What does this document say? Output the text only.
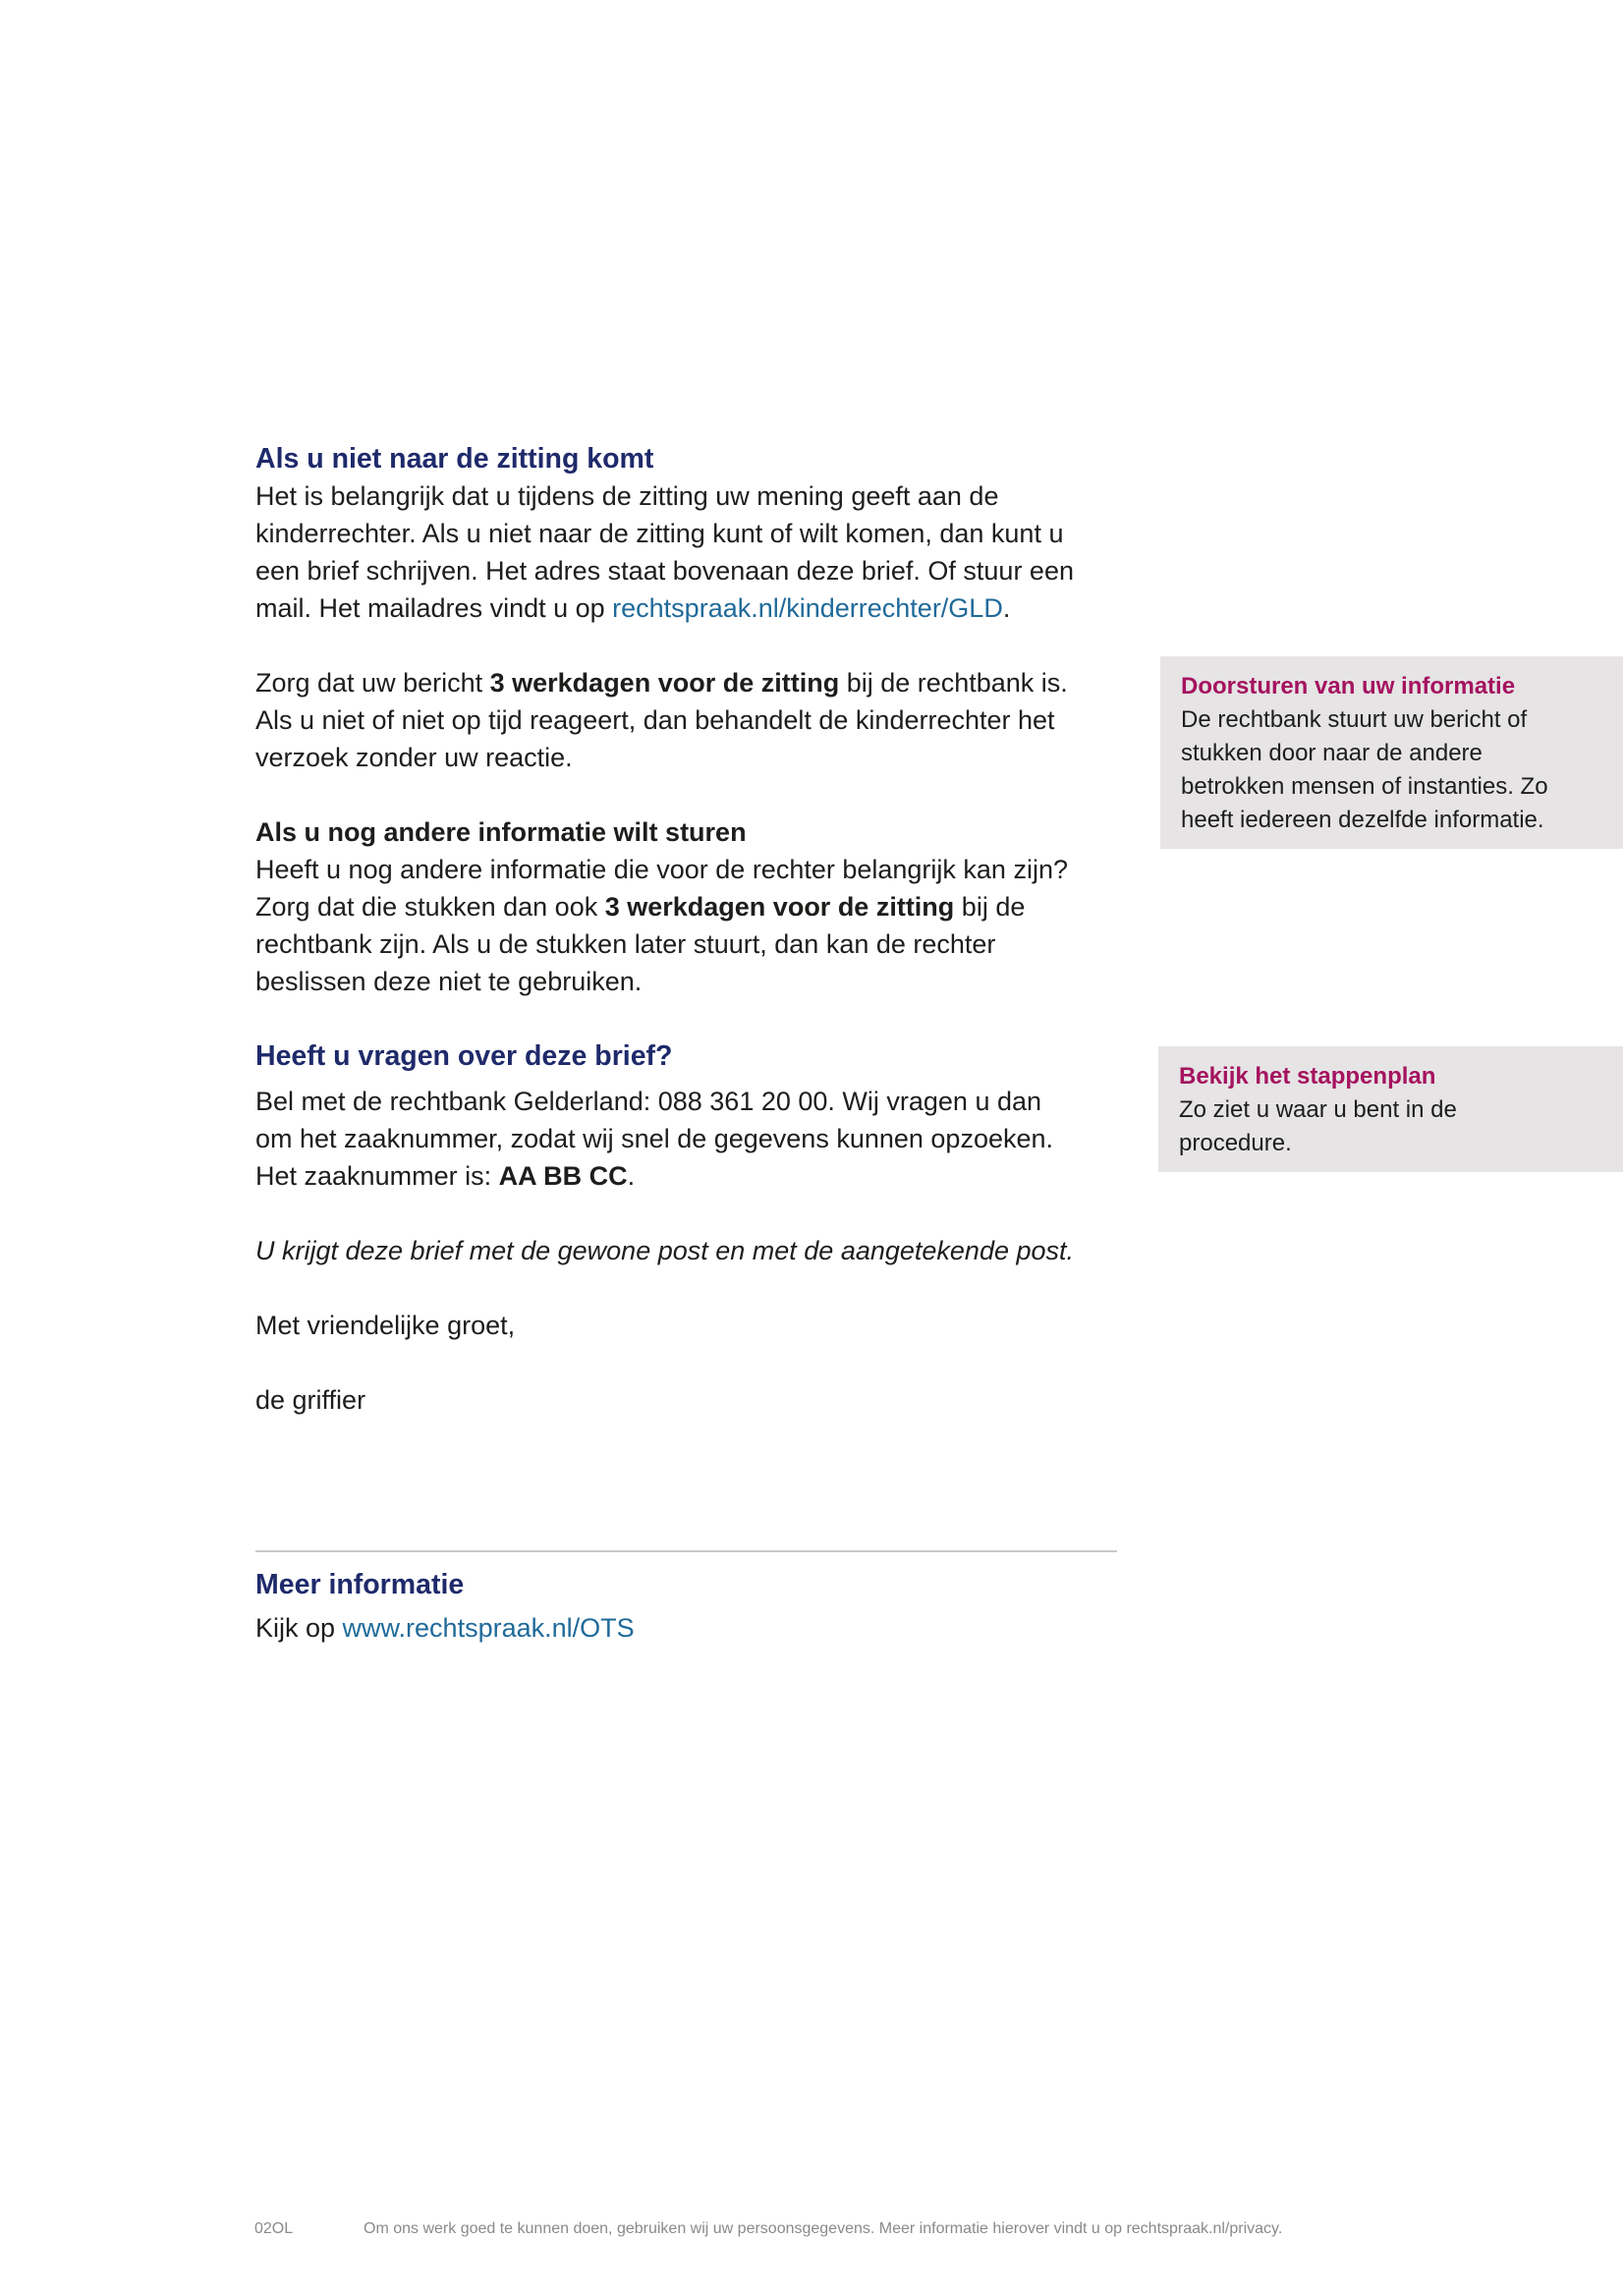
Als u niet naar de zitting komt

Het is belangrijk dat u tijdens de zitting uw mening geeft aan de

kinderrechter. Als u niet naar de zitting kunt of wilt komen, dan kunt u

een brief schrijven. Het adres staat bovenaan deze brief. Of stuur een

mail. Het mailadres vindt u op rechtspraak.nl/kinderrechter/GLD.

Zorg dat uw bericht 3 werkdagen voor de zitting bij de rechtbank is.

Als u niet of niet op tijd reageert, dan behandelt de kinderrechter het

verzoek zonder uw reactie.

Als u nog andere informatie wilt sturen

Heeft u nog andere informatie die voor de rechter belangrijk kan zijn?

Zorg dat die stukken dan ook 3 werkdagen voor de zitting bij de

rechtbank zijn. Als u de stukken later stuurt, dan kan de rechter

beslissen deze niet te gebruiken.

Heeft u vragen over deze brief?

Bel met de rechtbank Gelderland: 088 361 20 00. Wij vragen u dan

om het zaaknummer, zodat wij snel de gegevens kunnen opzoeken.

Het zaaknummer is: AA BB CC.

U krijgt deze brief met de gewone post en met de aangetekende post.

Met vriendelijke groet,

de griffier

Meer informatie

Kijk op www.rechtspraak.nl/OTS

Doorsturen van uw informatie

De rechtbank stuurt uw bericht of

stukken door naar de andere

betrokken mensen of instanties. Zo

heeft iedereen dezelfde informatie.

Bekijk het stappenplan

Zo ziet u waar u bent in de

procedure.

02OL	Om ons werk goed te kunnen doen, gebruiken wij uw persoonsgegevens. Meer informatie hierover vindt u op rechtspraak.nl/privacy.
